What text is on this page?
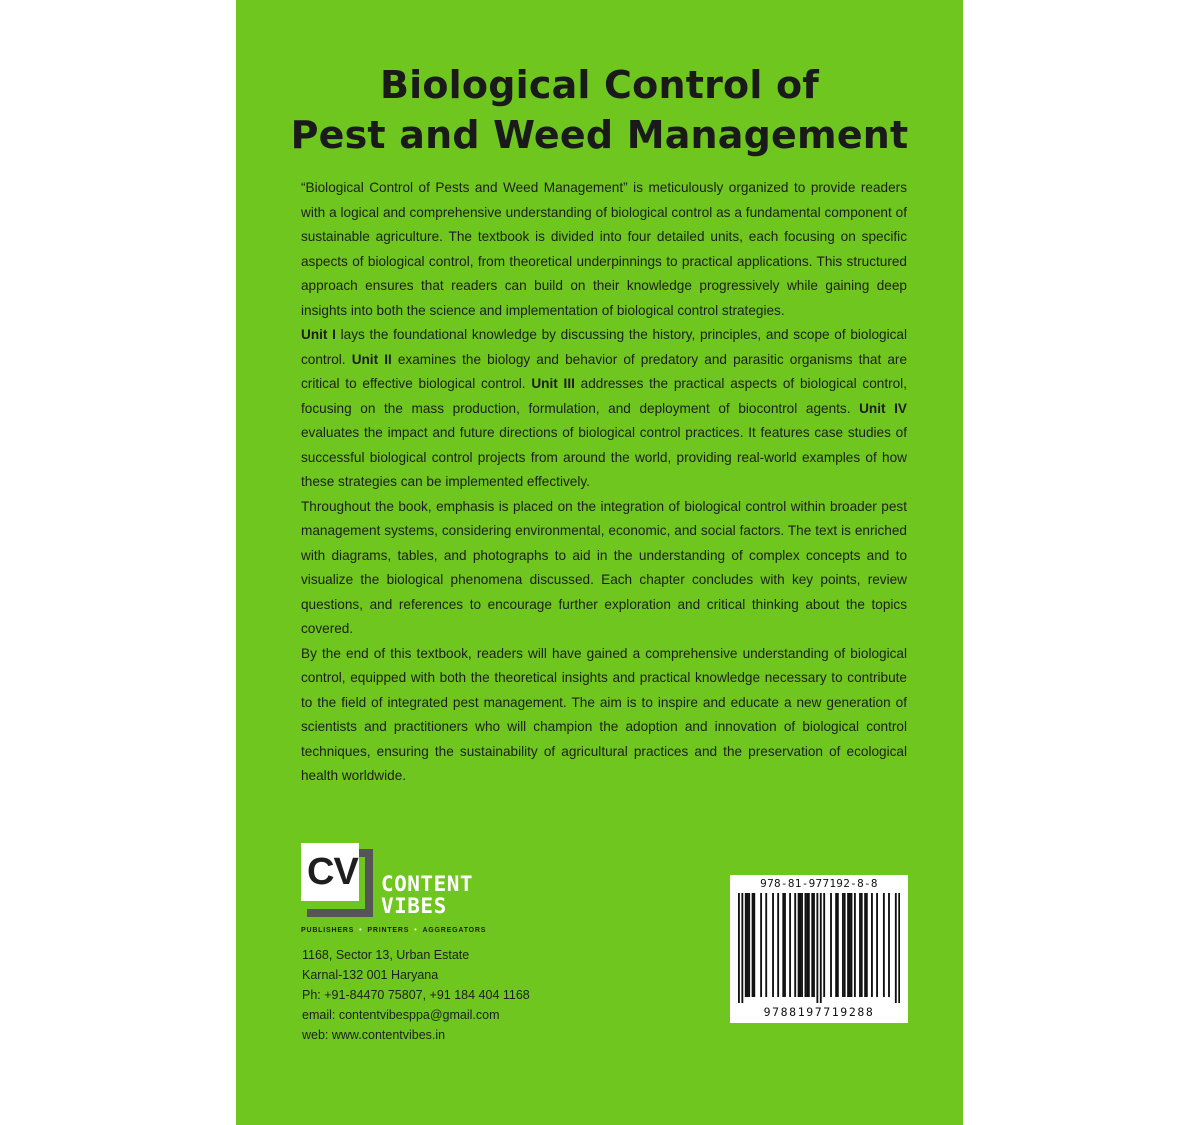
Biological Control of
Pest and Weed Management

“Biological Control of Pests and Weed Management” is meticulously organized to provide readers with a logical and comprehensive understanding of biological control as a fundamental component of sustainable agriculture. The textbook is divided into four detailed units, each focusing on specific aspects of biological control, from theoretical underpinnings to practical applications. This structured approach ensures that readers can build on their knowledge progressively while gaining deep insights into both the science and implementation of biological control strategies.

Unit I lays the foundational knowledge by discussing the history, principles, and scope of biological control. Unit II examines the biology and behavior of predatory and parasitic organisms that are critical to effective biological control. Unit III addresses the practical aspects of biological control, focusing on the mass production, formulation, and deployment of biocontrol agents. Unit IV evaluates the impact and future directions of biological control practices. It features case studies of successful biological control projects from around the world, providing real-world examples of how these strategies can be implemented effectively.

Throughout the book, emphasis is placed on the integration of biological control within broader pest management systems, considering environmental, economic, and social factors. The text is enriched with diagrams, tables, and photographs to aid in the understanding of complex concepts and to visualize the biological phenomena discussed. Each chapter concludes with key points, review questions, and references to encourage further exploration and critical thinking about the topics covered.

By the end of this textbook, readers will have gained a comprehensive understanding of biological control, equipped with both the theoretical insights and practical knowledge necessary to contribute to the field of integrated pest management. The aim is to inspire and educate a new generation of scientists and practitioners who will champion the adoption and innovation of biological control techniques, ensuring the sustainability of agricultural practices and the preservation of ecological health worldwide.

CV CONTENT
VIBES
PUBLISHERS • PRINTERS • AGGREGATORS
1168, Sector 13, Urban Estate
Karnal-132 001 Haryana
Ph: +91-84470 75807, +91 184 404 1168
email: contentvibesppa@gmail.com
web: www.contentvibes.in
978-81-977192-8-8
9788197719288
